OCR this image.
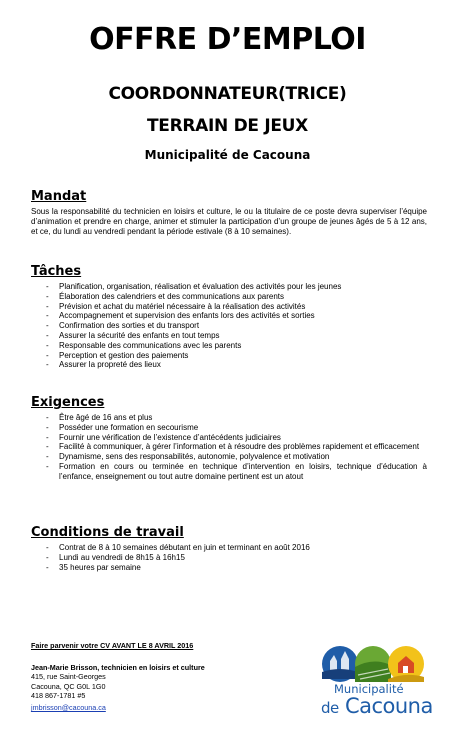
OFFRE D’EMPLOI
COORDONNATEUR(TRICE)
TERRAIN DE JEUX
Municipalité de Cacouna
Mandat
Sous la responsabilité du technicien en loisirs et culture, le ou la titulaire de ce poste devra superviser l’équipe d’animation et prendre en charge, animer et stimuler la participation d’un groupe de jeunes âgés de 5 à 12 ans, et ce, du lundi au vendredi pendant la période estivale (8 à 10 semaines).
Tâches
- Planification, organisation, réalisation et évaluation des activités pour les jeunes
- Élaboration des calendriers et des communications aux parents
- Prévision et achat du matériel nécessaire à la réalisation des activités
- Accompagnement et supervision des enfants lors des activités et sorties
- Confirmation des sorties et du transport
- Assurer la sécurité des enfants en tout temps
- Responsable des communications avec les parents
- Perception et gestion des paiements
- Assurer la propreté des lieux
Exigences
- Être âgé de 16 ans et plus
- Posséder une formation en secourisme
- Fournir une vérification de l’existence d’antécédents judiciaires
- Facilité à communiquer, à gérer l’information et à résoudre des problèmes rapidement et efficacement
- Dynamisme, sens des responsabilités, autonomie, polyvalence et motivation
- Formation en cours ou terminée en technique d’intervention en loisirs, technique d’éducation à l’enfance, enseignement ou tout autre domaine pertinent est un atout
Conditions de travail
- Contrat de 8 à 10 semaines débutant en juin et terminant en août 2016
- Lundi au vendredi de 8h15 à 16h15
- 35 heures par semaine
Faire parvenir votre CV AVANT LE 8 AVRIL 2016
Jean-Marie Brisson, technicien en loisirs et culture
415, rue Saint-Georges
Cacouna, QC G0L 1G0
418 867-1781 #5
jmbrisson@cacouna.ca
Municipalité
de Cacouna
